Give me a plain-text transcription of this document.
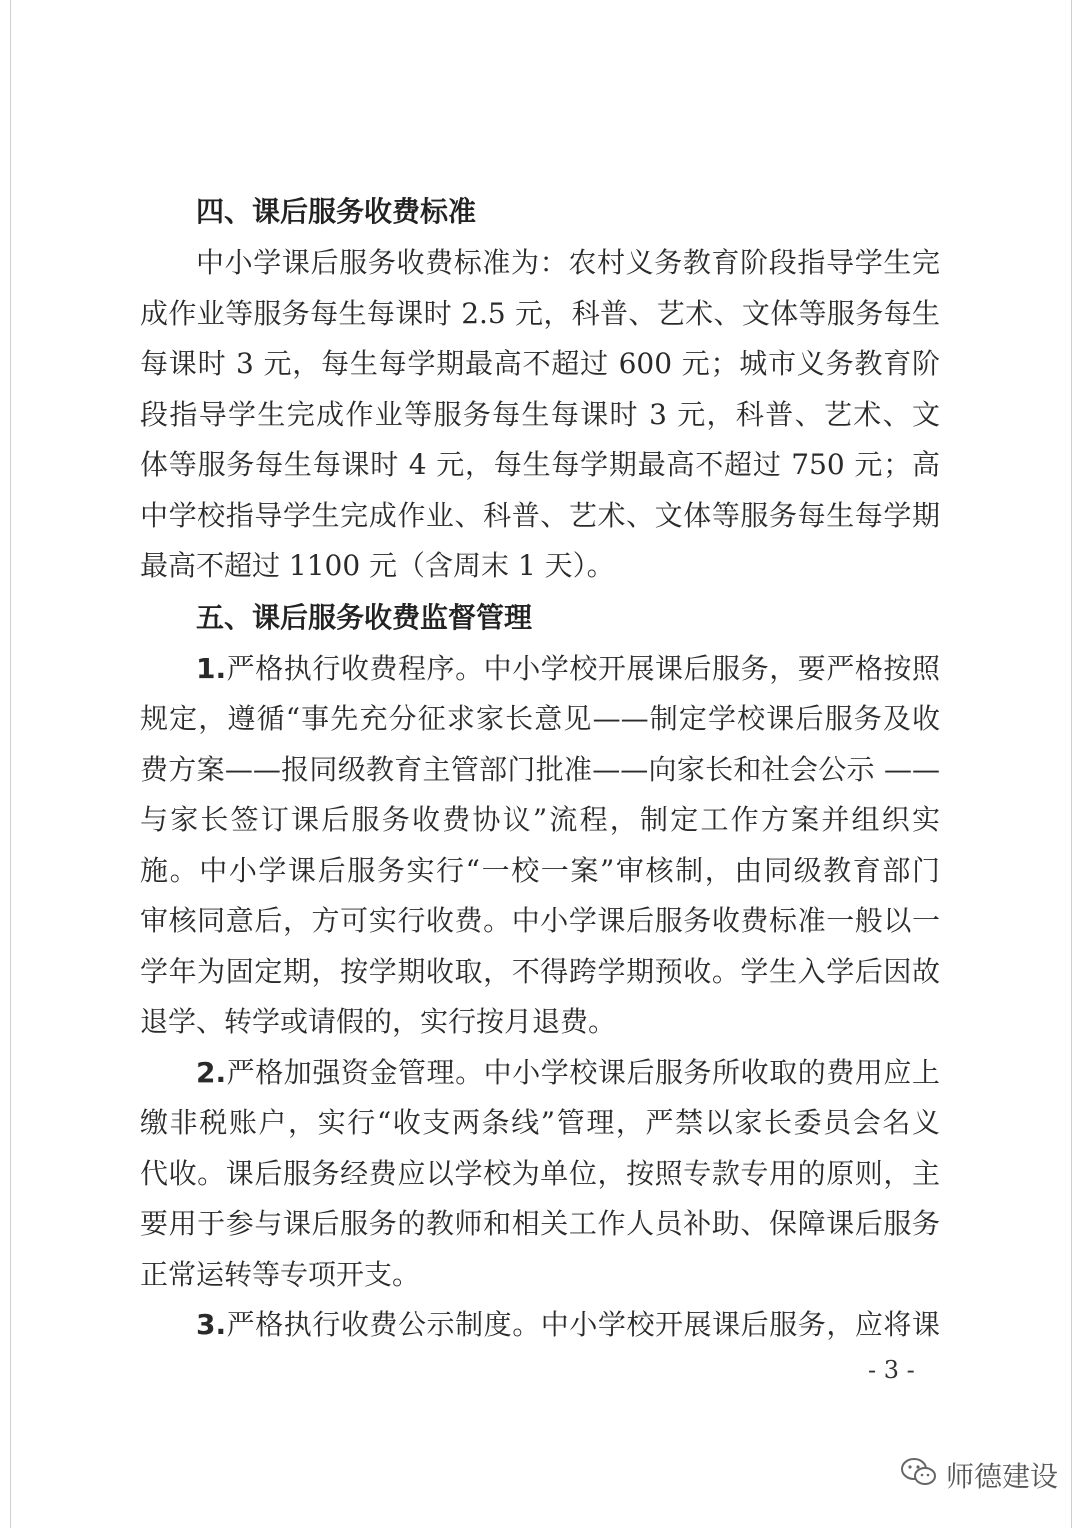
四、课后服务收费标准
中小学课后服务收费标准为：农村义务教育阶段指导学生完
成作业等服务每生每课时 2.5 元，科普、艺术、文体等服务每生
每课时 3 元，每生每学期最高不超过 600 元；城市义务教育阶
段指导学生完成作业等服务每生每课时 3 元，科普、艺术、文
体等服务每生每课时 4 元，每生每学期最高不超过 750 元；高
中学校指导学生完成作业、科普、艺术、文体等服务每生每学期
最高不超过 1100 元（含周末 1 天）。
五、课后服务收费监督管理
1.严格执行收费程序。中小学校开展课后服务，要严格按照
规定，遵循“事先充分征求家长意见——制定学校课后服务及收
费方案——报同级教育主管部门批准——向家长和社会公示 ——
与家长签订课后服务收费协议”流程，制定工作方案并组织实
施。中小学课后服务实行“一校一案”审核制，由同级教育部门
审核同意后，方可实行收费。中小学课后服务收费标准一般以一
学年为固定期，按学期收取，不得跨学期预收。学生入学后因故
退学、转学或请假的，实行按月退费。
2.严格加强资金管理。中小学校课后服务所收取的费用应上
缴非税账户，实行“收支两条线”管理，严禁以家长委员会名义
代收。课后服务经费应以学校为单位，按照专款专用的原则，主
要用于参与课后服务的教师和相关工作人员补助、保障课后服务
正常运转等专项开支。
3.严格执行收费公示制度。中小学校开展课后服务，应将课
- 3 -
师德建设
